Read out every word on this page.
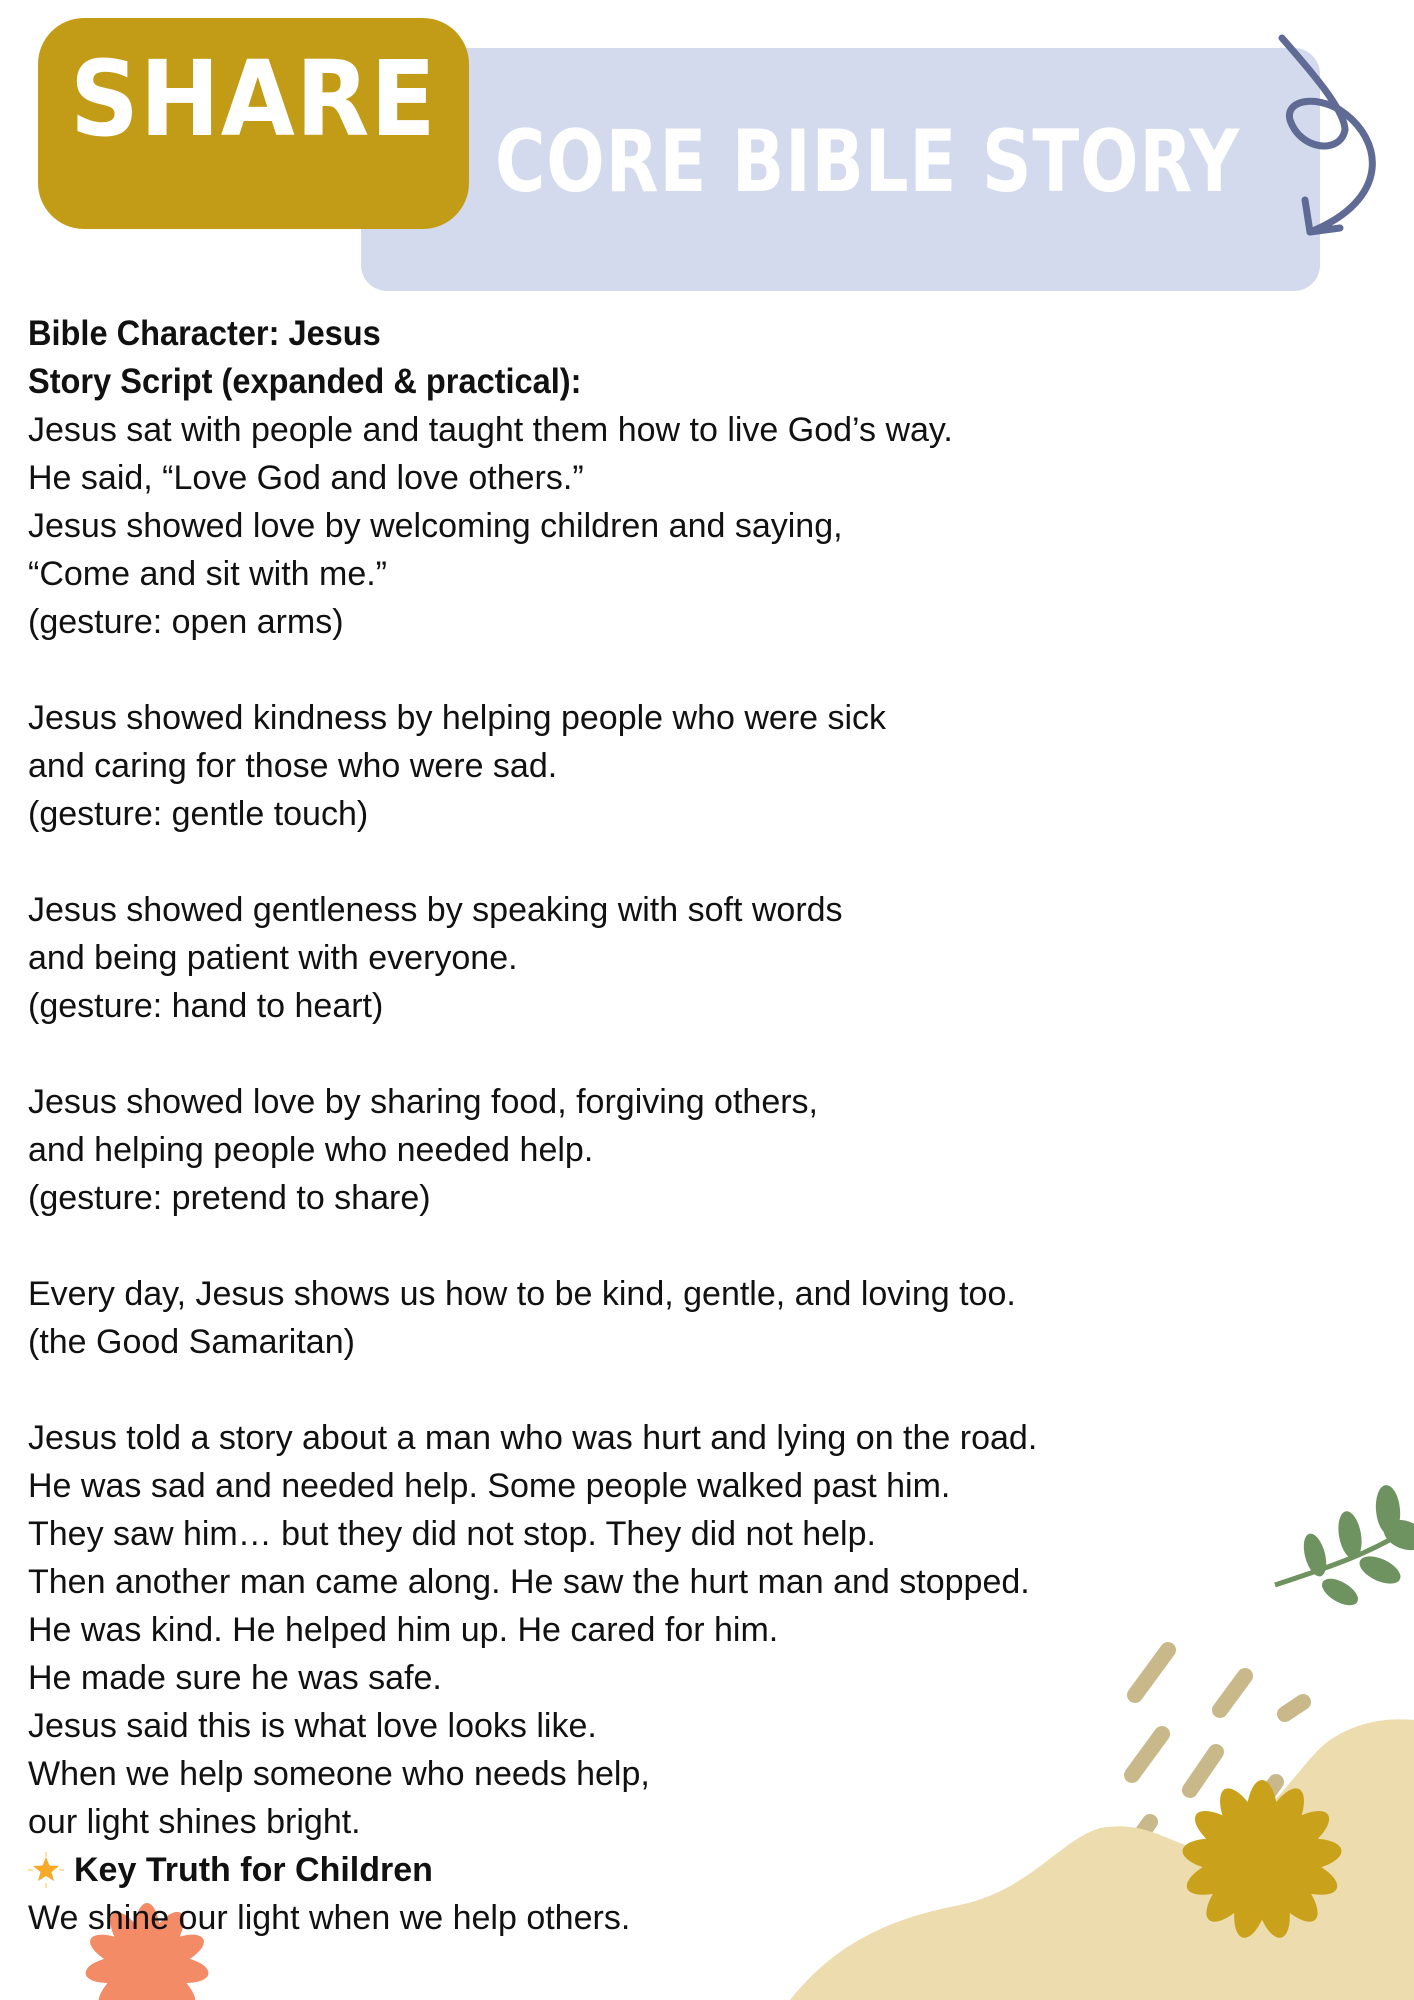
SHARE
CORE BIBLE STORY
Bible Character: Jesus
Story Script (expanded & practical):
Jesus sat with people and taught them how to live God’s way.
He said, “Love God and love others.”
Jesus showed love by welcoming children and saying,
“Come and sit with me.”
(gesture: open arms)
Jesus showed kindness by helping people who were sick
and caring for those who were sad.
(gesture: gentle touch)
Jesus showed gentleness by speaking with soft words
and being patient with everyone.
(gesture: hand to heart)
Jesus showed love by sharing food, forgiving others,
and helping people who needed help.
(gesture: pretend to share)
Every day, Jesus shows us how to be kind, gentle, and loving too.
(the Good Samaritan)
Jesus told a story about a man who was hurt and lying on the road.
He was sad and needed help. Some people walked past him.
They saw him… but they did not stop. They did not help.
Then another man came along. He saw the hurt man and stopped.
He was kind. He helped him up. He cared for him.
He made sure he was safe.
Jesus said this is what love looks like.
When we help someone who needs help,
our light shines bright.
Key Truth for Children
We shine our light when we help others.
